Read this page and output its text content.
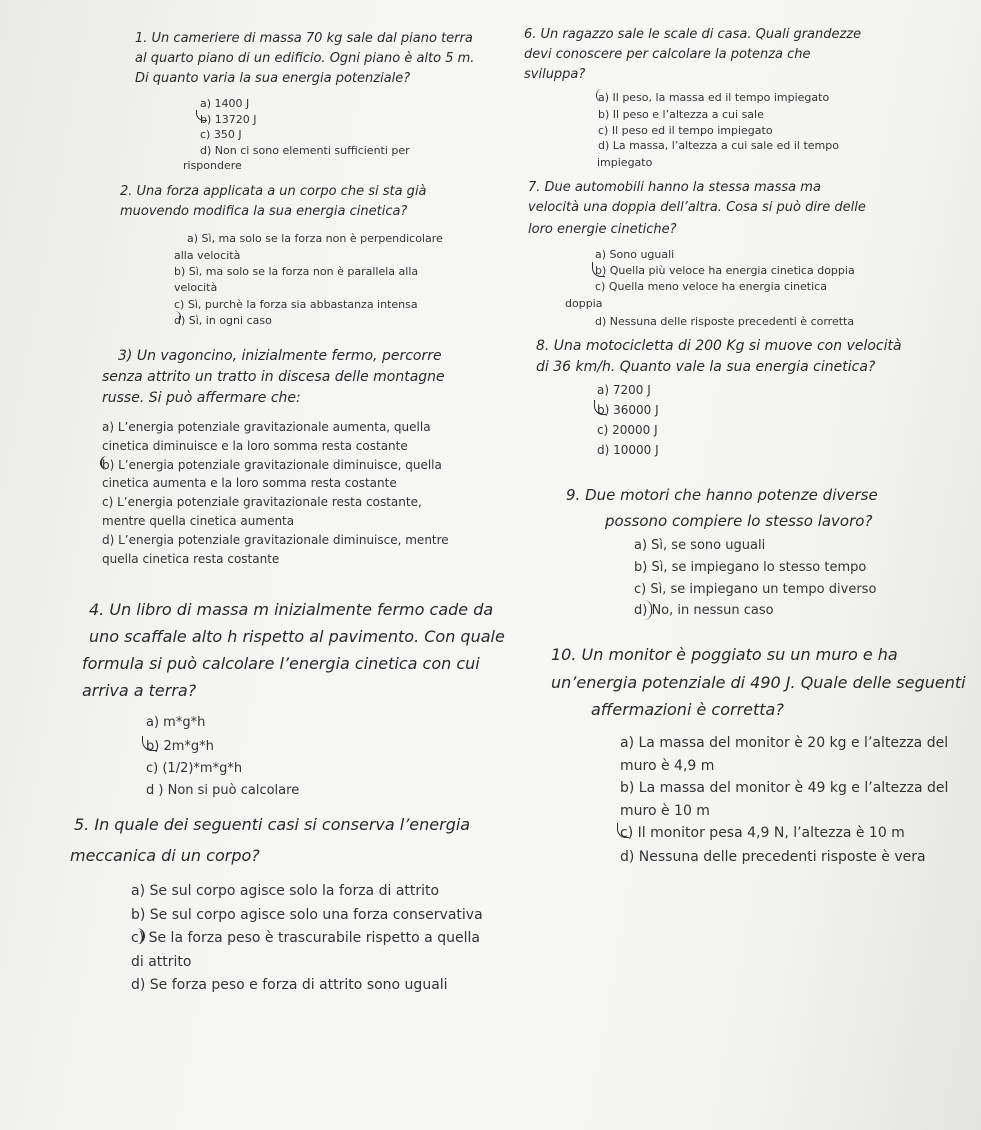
1. Un cameriere di massa 70 kg sale dal piano terra
al quarto piano di un edificio. Ogni piano è alto 5 m.
Di quanto varia la sua energia potenziale?
a) 1400 J
b) 13720 J
c) 350 J
d) Non ci sono elementi sufficienti per
rispondere
2. Una forza applicata a un corpo che si sta già
muovendo modifica la sua energia cinetica?
a) Sì, ma solo se la forza non è perpendicolare
alla velocità
b) Sì, ma solo se la forza non è parallela alla
velocità
c) Sì, purchè la forza sia abbastanza intensa
d) Sì, in ogni caso
3) Un vagoncino, inizialmente fermo, percorre
senza attrito un tratto in discesa delle montagne
russe. Si può affermare che:
a) L’energia potenziale gravitazionale aumenta, quella
cinetica diminuisce e la loro somma resta costante
b) L’energia potenziale gravitazionale diminuisce, quella
cinetica aumenta e la loro somma resta costante
c) L’energia potenziale gravitazionale resta costante,
mentre quella cinetica aumenta
d) L’energia potenziale gravitazionale diminuisce, mentre
quella cinetica resta costante
4. Un libro di massa m inizialmente fermo cade da
uno scaffale alto h rispetto al pavimento. Con quale
formula si può calcolare l’energia cinetica con cui
arriva a terra?
a) m*g*h
b) 2m*g*h
c) (1/2)*m*g*h
d ) Non si può calcolare
5. In quale dei seguenti casi si conserva l’energia
meccanica di un corpo?
a) Se sul corpo agisce solo la forza di attrito
b) Se sul corpo agisce solo una forza conservativa
c) Se la forza peso è trascurabile rispetto a quella
di attrito
d) Se forza peso e forza di attrito sono uguali
6. Un ragazzo sale le scale di casa. Quali grandezze
devi conoscere per calcolare la potenza che
sviluppa?
a) Il peso, la massa ed il tempo impiegato
b) Il peso e l’altezza a cui sale
c) Il peso ed il tempo impiegato
d) La massa, l’altezza a cui sale ed il tempo
impiegato
7. Due automobili hanno la stessa massa ma
velocità una doppia dell’altra. Cosa si può dire delle
loro energie cinetiche?
a) Sono uguali
b) Quella più veloce ha energia cinetica doppia
c) Quella meno veloce ha energia cinetica
doppia
d) Nessuna delle risposte precedenti è corretta
8. Una motocicletta di 200 Kg si muove con velocità
di 36 km/h. Quanto vale la sua energia cinetica?
a) 7200 J
b) 36000 J
c) 20000 J
d) 10000 J
9. Due motori che hanno potenze diverse
possono compiere lo stesso lavoro?
a) Sì, se sono uguali
b) Sì, se impiegano lo stesso tempo
c) Sì, se impiegano un tempo diverso
d) No, in nessun caso
10. Un monitor è poggiato su un muro e ha
un’energia potenziale di 490 J. Quale delle seguenti
affermazioni è corretta?
a) La massa del monitor è 20 kg e l’altezza del
muro è 4,9 m
b) La massa del monitor è 49 kg e l’altezza del
muro è 10 m
c) Il monitor pesa 4,9 N, l’altezza è 10 m
d) Nessuna delle precedenti risposte è vera
